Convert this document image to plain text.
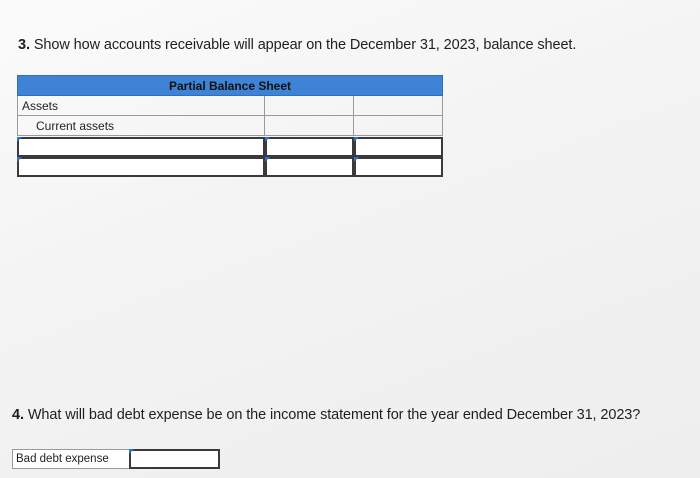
3. Show how accounts receivable will appear on the December 31, 2023, balance sheet.
Partial Balance Sheet
Assets
Current assets
4. What will bad debt expense be on the income statement for the year ended December 31, 2023?
Bad debt expense
